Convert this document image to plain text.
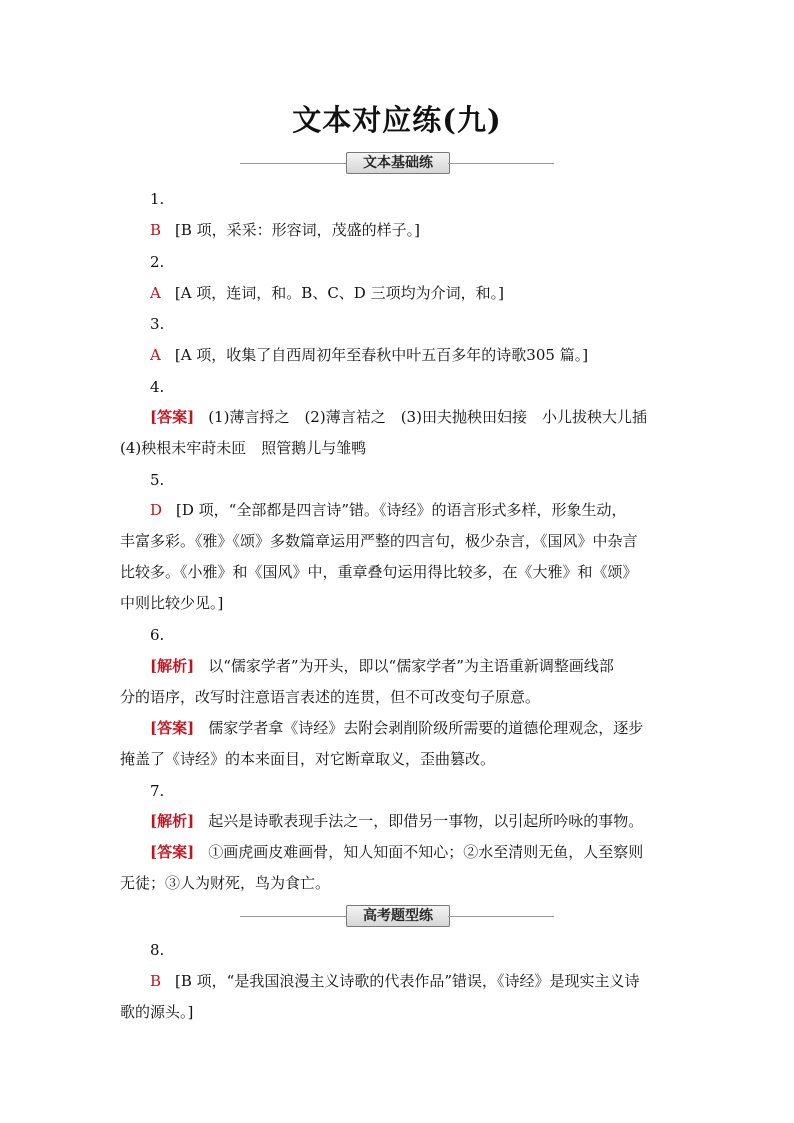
文本对应练(九)
文本基础练
1.
B [B 项，采采：形容词，茂盛的样子。]
2.
A [A 项，连词，和。B、C、D 三项均为介词，和。]
3.
A [A 项，收集了自西周初年至春秋中叶五百多年的诗歌305 篇。]
4.
[答案] (1)薄言捋之　(2)薄言袺之　(3)田夫抛秧田妇接　小儿拔秧大儿插
(4)秧根未牢莳未匝　照管鹅儿与雏鸭
5.
D [D 项，“全部都是四言诗”错。《诗经》的语言形式多样，形象生动，
丰富多彩。《雅》《颂》多数篇章运用严整的四言句，极少杂言，《国风》中杂言
比较多。《小雅》和《国风》中，重章叠句运用得比较多，在《大雅》和《颂》
中则比较少见。]
6.
[解析] 以“儒家学者”为开头，即以“儒家学者”为主语重新调整画线部
分的语序，改写时注意语言表述的连贯，但不可改变句子原意。
[答案] 儒家学者拿《诗经》去附会剥削阶级所需要的道德伦理观念，逐步
掩盖了《诗经》的本来面目，对它断章取义，歪曲篡改。
7.
[解析] 起兴是诗歌表现手法之一，即借另一事物，以引起所吟咏的事物。
[答案] ①画虎画皮难画骨，知人知面不知心；②水至清则无鱼，人至察则
无徒；③人为财死，鸟为食亡。
高考题型练
8.
B [B 项，“是我国浪漫主义诗歌的代表作品”错误，《诗经》是现实主义诗
歌的源头。]
